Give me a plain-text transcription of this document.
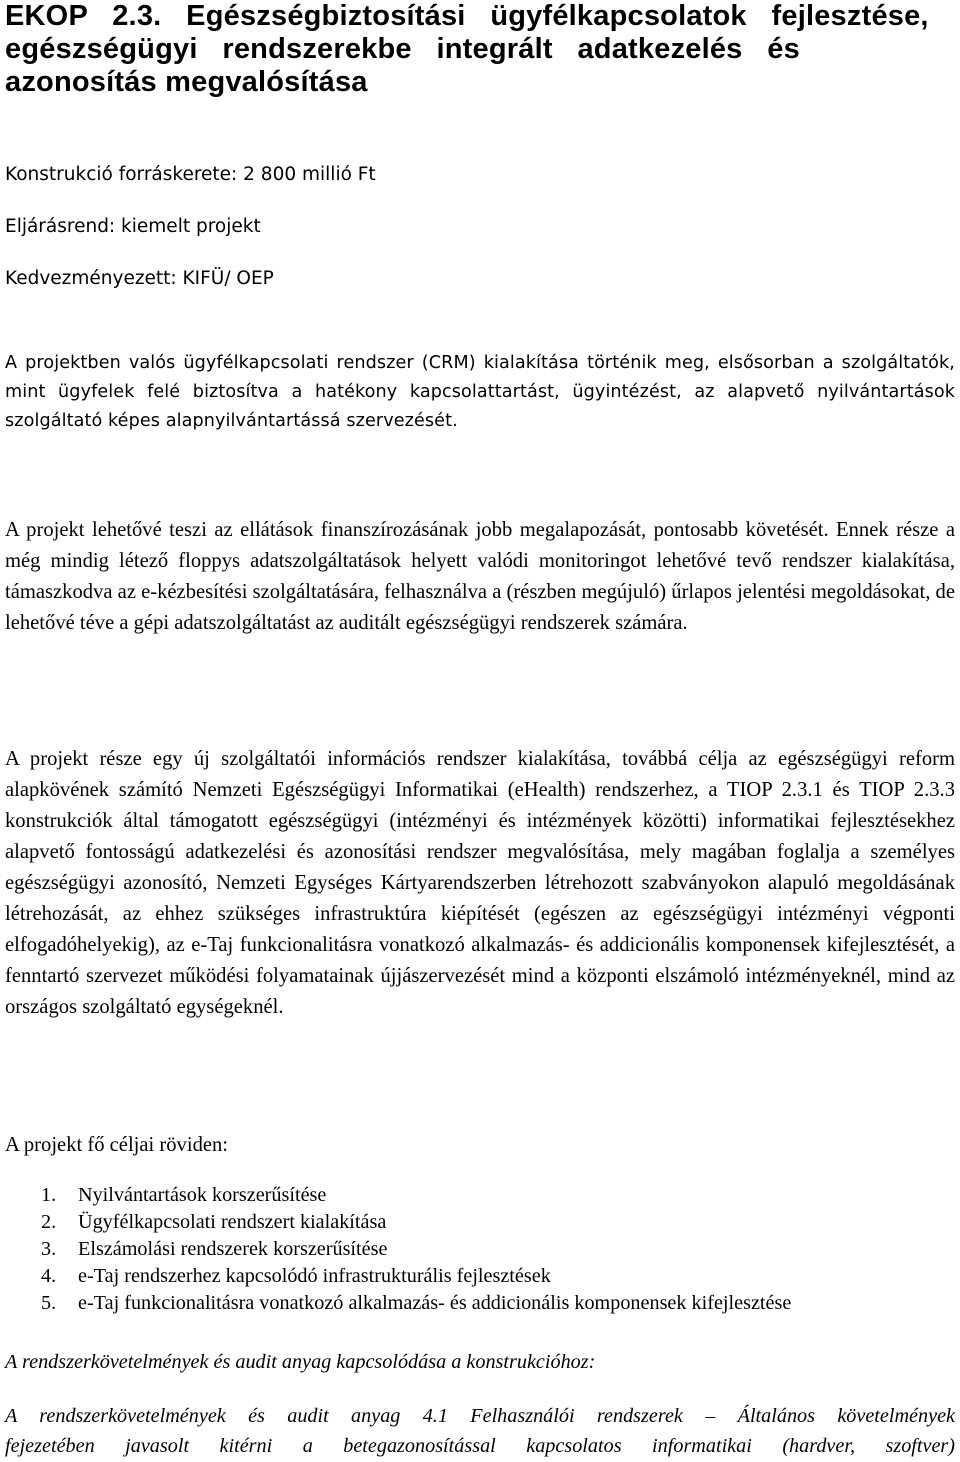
EKOP   2.3.   Egészségbiztosítási   ügyfélkapcsolatok   fejlesztése,
egészségügyi   rendszerekbe   integrált   adatkezelés   és
azonosítás megvalósítása

Konstrukció forráskerete: 2 800 millió Ft

Eljárásrend: kiemelt projekt

Kedvezményezett: KIFÜ/ OEP

A projektben valós ügyfélkapcsolati rendszer (CRM) kialakítása történik meg, elsősorban a szolgáltatók, mint ügyfelek felé biztosítva a hatékony kapcsolattartást, ügyintézést, az alapvető nyilvántartások szolgáltató képes alapnyilvántartássá szervezését.

A projekt lehetővé teszi az ellátások finanszírozásának jobb megalapozását, pontosabb követését. Ennek része a még mindig létező floppys adatszolgáltatások helyett valódi monitoringot lehetővé tevő rendszer kialakítása, támaszkodva az e-kézbesítési szolgáltatására, felhasználva a (részben megújuló) űrlapos jelentési megoldásokat, de lehetővé téve a gépi adatszolgáltatást az auditált egészségügyi rendszerek számára.

A projekt része egy új szolgáltatói információs rendszer kialakítása, továbbá célja az egészségügyi reform alapkövének számító Nemzeti Egészségügyi Informatikai (eHealth) rendszerhez, a TIOP 2.3.1 és TIOP 2.3.3 konstrukciók által támogatott egészségügyi (intézményi és intézmények közötti) informatikai fejlesztésekhez alapvető fontosságú adatkezelési és azonosítási rendszer megvalósítása, mely magában foglalja a személyes egészségügyi azonosító, Nemzeti Egységes Kártyarendszerben létrehozott szabványokon alapuló megoldásának létrehozását, az ehhez szükséges infrastruktúra kiépítését (egészen az egészségügyi intézményi végponti elfogadóhelyekig), az e-Taj funkcionalitásra vonatkozó alkalmazás- és addicionális komponensek kifejlesztését, a fenntartó szervezet működési folyamatainak újjászervezését mind a központi elszámoló intézményeknél, mind az országos szolgáltató egységeknél.

A projekt fő céljai röviden:

1.	Nyilvántartások korszerűsítése
2.	Ügyfélkapcsolati rendszert kialakítása
3.	Elszámolási rendszerek korszerűsítése
4.	e-Taj rendszerhez kapcsolódó infrastrukturális fejlesztések
5.	e-Taj funkcionalitásra vonatkozó alkalmazás- és addicionális komponensek kifejlesztése

A rendszerkövetelmények és audit anyag kapcsolódása a konstrukcióhoz:

A rendszerkövetelmények és audit anyag 4.1 Felhasználói rendszerek – Általános követelmények

fejezetében javasolt kitérni a betegazonosítással kapcsolatos informatikai (hardver, szoftver)
